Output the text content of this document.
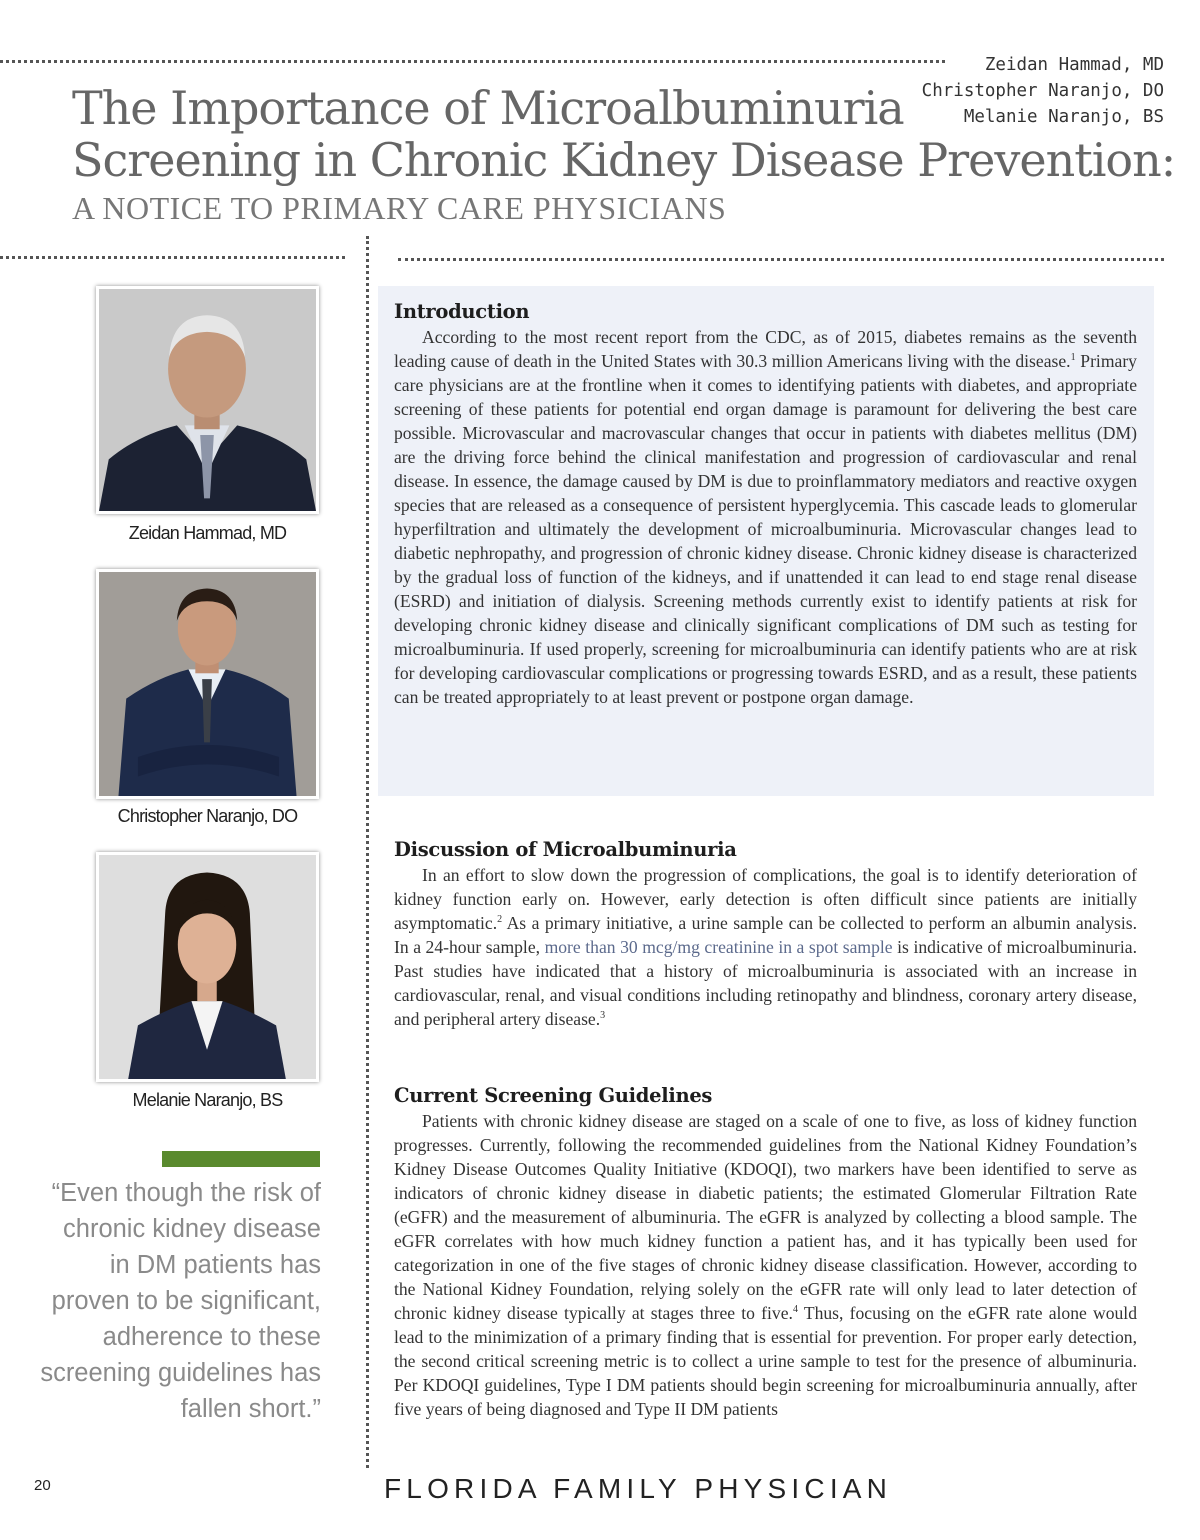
Zeidan Hammad, MD
Christopher Naranjo, DO
Melanie Naranjo, BS
The Importance of Microalbuminuria
Screening in Chronic Kidney Disease Prevention:
A NOTICE TO PRIMARY CARE PHYSICIANS
Zeidan Hammad, MD
Christopher Naranjo, DO
Melanie Naranjo, BS
“Even though the risk of chronic kidney disease in DM patients has proven to be significant, adherence to these screening guidelines has fallen short.”
Introduction

According to the most recent report from the CDC, as of 2015, diabetes remains as the seventh leading cause of death in the United States with 30.3 million Americans living with the disease.$^1$ Primary care physicians are at the frontline when it comes to identifying patients with diabetes, and appropriate screening of these patients for potential end organ damage is paramount for delivering the best care possible. Microvascular and macrovascular changes that occur in patients with diabetes mellitus (DM) are the driving force behind the clinical manifestation and progression of cardiovascular and renal disease. In essence, the damage caused by DM is due to proinflammatory mediators and reactive oxygen species that are released as a consequence of persistent hyperglycemia. This cascade leads to glomerular hyperfiltration and ultimately the development of microalbuminuria. Microvascular changes lead to diabetic nephropathy, and progression of chronic kidney disease. Chronic kidney disease is characterized by the gradual loss of function of the kidneys, and if unattended it can lead to end stage renal disease (ESRD) and initiation of dialysis. Screening methods currently exist to identify patients at risk for developing chronic kidney disease and clinically significant complications of DM such as testing for microalbuminuria. If used properly, screening for microalbuminuria can identify patients who are at risk for developing cardiovascular complications or progressing towards ESRD, and as a result, these patients can be treated appropriately to at least prevent or postpone organ damage.

Discussion of Microalbuminuria

In an effort to slow down the progression of complications, the goal is to identify deterioration of kidney function early on. However, early detection is often difficult since patients are initially asymptomatic.$^2$ As a primary initiative, a urine sample can be collected to perform an albumin analysis. In a 24-hour sample, more than 30 mcg/mg creatinine in a spot sample is indicative of microalbuminuria. Past studies have indicated that a history of microalbuminuria is associated with an increase in cardiovascular, renal, and visual conditions including retinopathy and blindness, coronary artery disease, and peripheral artery disease.$^3$

Current Screening Guidelines

Patients with chronic kidney disease are staged on a scale of one to five, as loss of kidney function progresses. Currently, following the recommended guidelines from the National Kidney Foundation’s Kidney Disease Outcomes Quality Initiative (KDOQI), two markers have been identified to serve as indicators of chronic kidney disease in diabetic patients; the estimated Glomerular Filtration Rate (eGFR) and the measurement of albuminuria. The eGFR is analyzed by collecting a blood sample. The eGFR correlates with how much kidney function a patient has, and it has typically been used for categorization in one of the five stages of chronic kidney disease classification. However, according to the National Kidney Foundation, relying solely on the eGFR rate will only lead to later detection of chronic kidney disease typically at stages three to five.$^4$ Thus, focusing on the eGFR rate alone would lead to the minimization of a primary finding that is essential for prevention. For proper early detection, the second critical screening metric is to collect a urine sample to test for the presence of albuminuria. Per KDOQI guidelines, Type I DM patients should begin screening for microalbuminuria annually, after five years of being diagnosed and Type II DM patients

20	FLORIDA FAMILY PHYSICIAN
